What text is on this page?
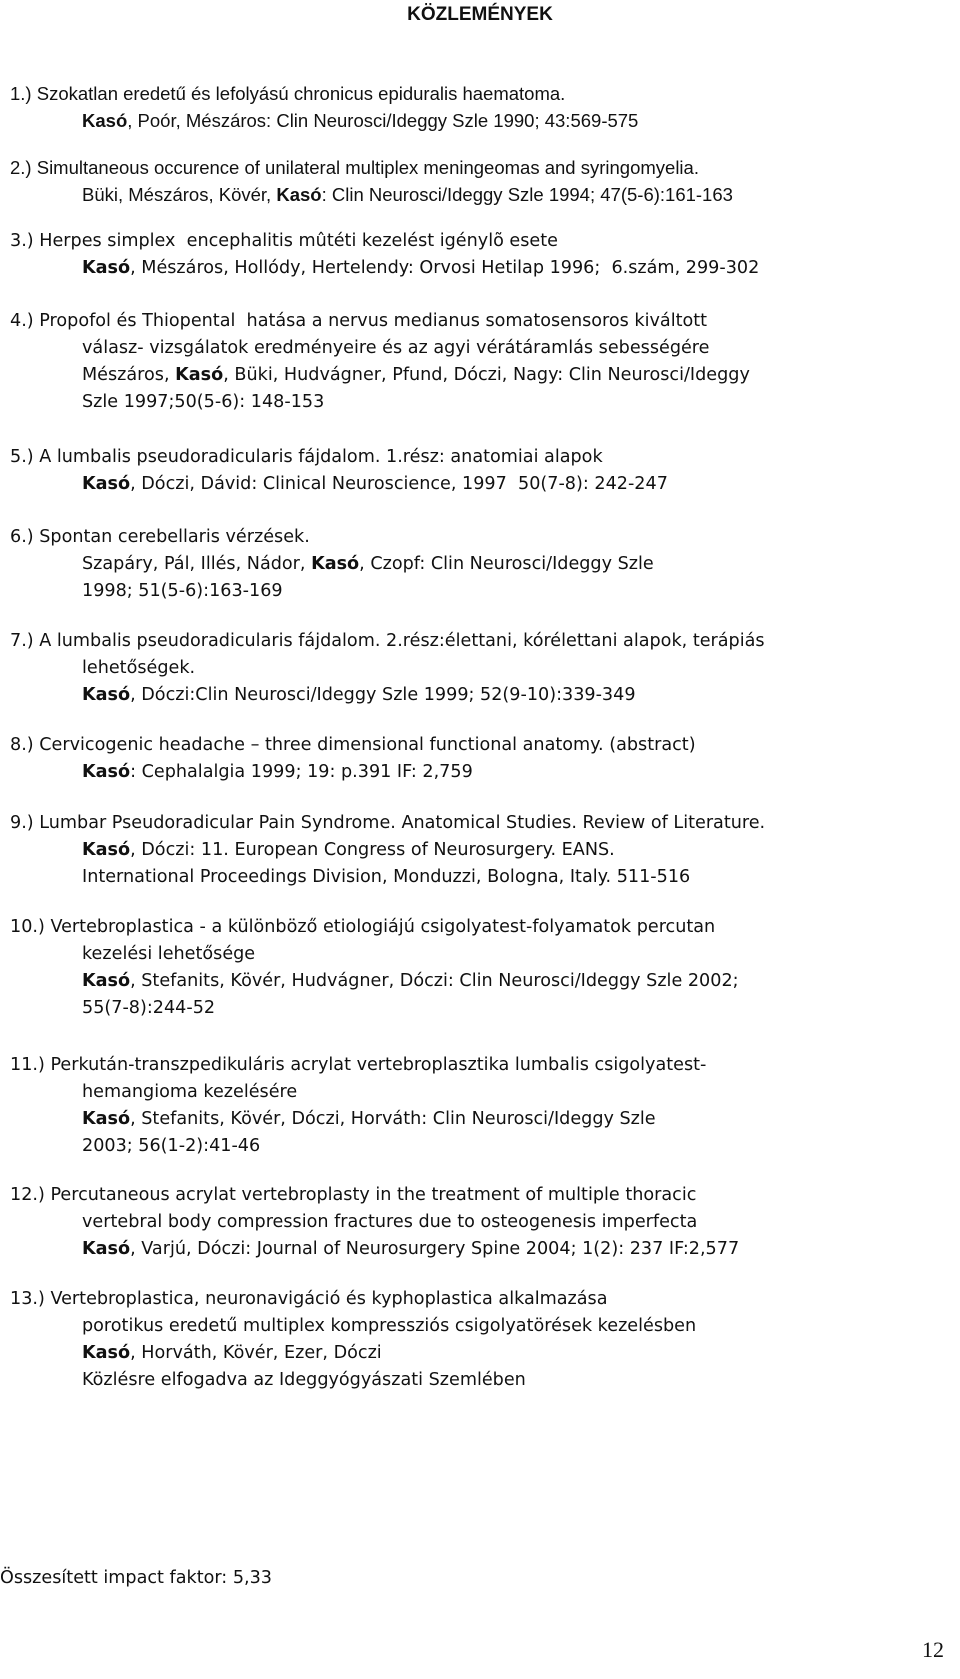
KÖZLEMÉNYEK
1.) Szokatlan eredetű és lefolyású chronicus epiduralis haematoma.
Kasó, Poór, Mészáros: Clin Neurosci/Ideggy Szle 1990; 43:569-575
2.) Simultaneous occurence of unilateral multiplex meningeomas and syringomyelia.
Büki, Mészáros, Kövér, Kasó: Clin Neurosci/Ideggy Szle 1994; 47(5-6):161-163
3.) Herpes simplex  encephalitis mûtéti kezelést igénylõ esete
Kasó, Mészáros, Hollódy, Hertelendy: Orvosi Hetilap 1996;  6.szám, 299-302
4.) Propofol és Thiopental  hatása a nervus medianus somatosensoros kiváltott
válasz- vizsgálatok eredményeire és az agyi vérátáramlás sebességére
Mészáros, Kasó, Büki, Hudvágner, Pfund, Dóczi, Nagy: Clin Neurosci/Ideggy
Szle 1997;50(5-6): 148-153
5.) A lumbalis pseudoradicularis fájdalom. 1.rész: anatomiai alapok
Kasó, Dóczi, Dávid: Clinical Neuroscience, 1997  50(7-8): 242-247
6.) Spontan cerebellaris vérzések.
Szapáry, Pál, Illés, Nádor, Kasó, Czopf: Clin Neurosci/Ideggy Szle
1998; 51(5-6):163-169
7.) A lumbalis pseudoradicularis fájdalom. 2.rész:élettani, kórélettani alapok, terápiás
lehetőségek.
Kasó, Dóczi:Clin Neurosci/Ideggy Szle 1999; 52(9-10):339-349
8.) Cervicogenic headache – three dimensional functional anatomy. (abstract)
Kasó: Cephalalgia 1999; 19: p.391 IF: 2,759
9.) Lumbar Pseudoradicular Pain Syndrome. Anatomical Studies. Review of Literature.
Kasó, Dóczi: 11. European Congress of Neurosurgery. EANS.
International Proceedings Division, Monduzzi, Bologna, Italy. 511-516
10.) Vertebroplastica - a különböző etiologiájú csigolyatest-folyamatok percutan
kezelési lehetősége
Kasó, Stefanits, Kövér, Hudvágner, Dóczi: Clin Neurosci/Ideggy Szle 2002;
55(7-8):244-52
11.) Perkután-transzpedikuláris acrylat vertebroplasztika lumbalis csigolyatest-
hemangioma kezelésére
Kasó, Stefanits, Kövér, Dóczi, Horváth: Clin Neurosci/Ideggy Szle
2003; 56(1-2):41-46
12.) Percutaneous acrylat vertebroplasty in the treatment of multiple thoracic
vertebral body compression fractures due to osteogenesis imperfecta
Kasó, Varjú, Dóczi: Journal of Neurosurgery Spine 2004; 1(2): 237 IF:2,577
13.) Vertebroplastica, neuronavigáció és kyphoplastica alkalmazása
porotikus eredetű multiplex kompressziós csigolyatörések kezelésben
Kasó, Horváth, Kövér, Ezer, Dóczi
Közlésre elfogadva az Ideggyógyászati Szemlében
Összesített impact faktor: 5,33
12
